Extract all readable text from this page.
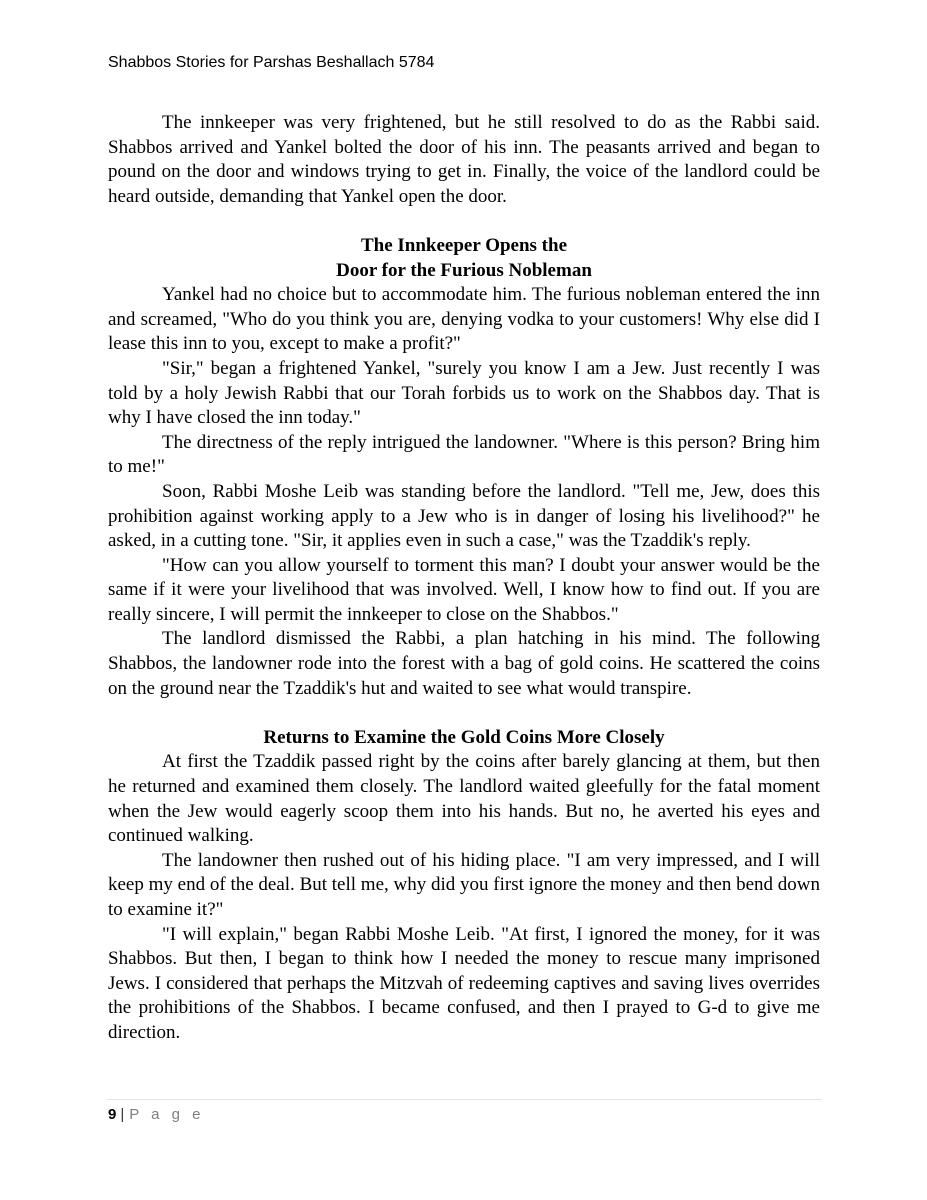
Shabbos Stories for Parshas Beshallach 5784

The innkeeper was very frightened, but he still resolved to do as the Rabbi said. Shabbos arrived and Yankel bolted the door of his inn. The peasants arrived and began to pound on the door and windows trying to get in. Finally, the voice of the landlord could be heard outside, demanding that Yankel open the door.

The Innkeeper Opens the
Door for the Furious Nobleman

Yankel had no choice but to accommodate him. The furious nobleman entered the inn and screamed, "Who do you think you are, denying vodka to your customers! Why else did I lease this inn to you, except to make a profit?"

"Sir," began a frightened Yankel, "surely you know I am a Jew. Just recently I was told by a holy Jewish Rabbi that our Torah forbids us to work on the Shabbos day. That is why I have closed the inn today."

The directness of the reply intrigued the landowner. "Where is this person? Bring him to me!"

Soon, Rabbi Moshe Leib was standing before the landlord. "Tell me, Jew, does this prohibition against working apply to a Jew who is in danger of losing his livelihood?" he asked, in a cutting tone. "Sir, it applies even in such a case," was the Tzaddik's reply.

"How can you allow yourself to torment this man? I doubt your answer would be the same if it were your livelihood that was involved. Well, I know how to find out. If you are really sincere, I will permit the innkeeper to close on the Shabbos."

The landlord dismissed the Rabbi, a plan hatching in his mind. The following Shabbos, the landowner rode into the forest with a bag of gold coins. He scattered the coins on the ground near the Tzaddik's hut and waited to see what would transpire.

Returns to Examine the Gold Coins More Closely

At first the Tzaddik passed right by the coins after barely glancing at them, but then he returned and examined them closely. The landlord waited gleefully for the fatal moment when the Jew would eagerly scoop them into his hands. But no, he averted his eyes and continued walking.

The landowner then rushed out of his hiding place. "I am very impressed, and I will keep my end of the deal. But tell me, why did you first ignore the money and then bend down to examine it?"

"I will explain," began Rabbi Moshe Leib. "At first, I ignored the money, for it was Shabbos. But then, I began to think how I needed the money to rescue many imprisoned Jews. I considered that perhaps the Mitzvah of redeeming captives and saving lives overrides the prohibitions of the Shabbos. I became confused, and then I prayed to G-d to give me direction.

9 | P a g e
